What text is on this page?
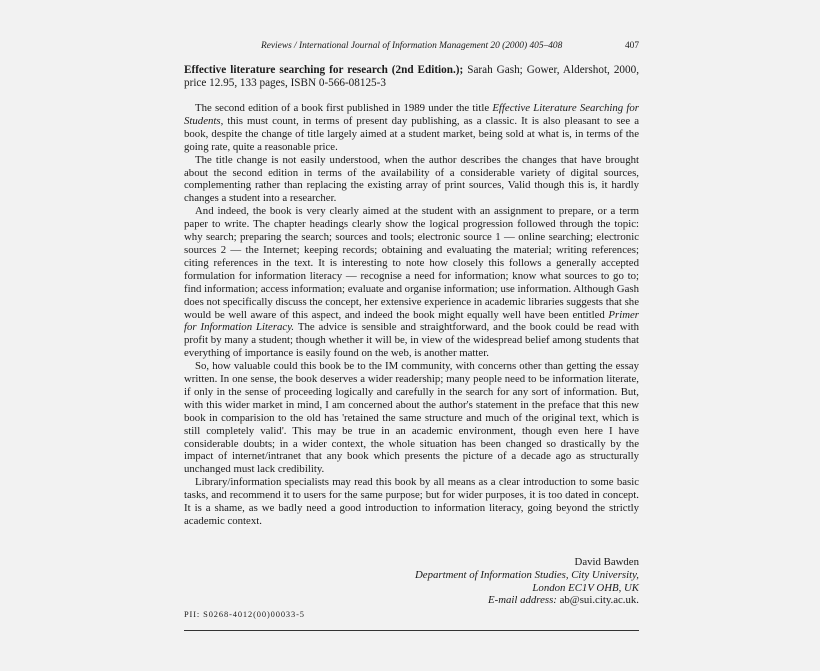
Reviews / International Journal of Information Management 20 (2000) 405–408	407

Effective literature searching for research (2nd Edition.); Sarah Gash; Gower, Aldershot, 2000, price 12.95, 133 pages, ISBN 0-566-08125-3

The second edition of a book first published in 1989 under the title Effective Literature Searching for Students, this must count, in terms of present day publishing, as a classic. It is also pleasant to see a book, despite the change of title largely aimed at a student market, being sold at what is, in terms of the going rate, quite a reasonable price.

The title change is not easily understood, when the author describes the changes that have brought about the second edition in terms of the availability of a considerable variety of digital sources, complementing rather than replacing the existing array of print sources, Valid though this is, it hardly changes a student into a researcher.

And indeed, the book is very clearly aimed at the student with an assignment to prepare, or a term paper to write. The chapter headings clearly show the logical progression followed through the topic: why search; preparing the search; sources and tools; electronic source 1 — online searching; electronic sources 2 — the Internet; keeping records; obtaining and evaluating the material; writing references; citing references in the text. It is interesting to note how closely this follows a generally accepted formulation for information literacy — recognise a need for information; know what sources to go to; find information; access information; evaluate and organise information; use information. Although Gash does not specifically discuss the concept, her extensive experience in academic libraries suggests that she would be well aware of this aspect, and indeed the book might equally well have been entitled Primer for Information Literacy. The advice is sensible and straightforward, and the book could be read with profit by many a student; though whether it will be, in view of the widespread belief among students that everything of importance is easily found on the web, is another matter.

So, how valuable could this book be to the IM community, with concerns other than getting the essay written. In one sense, the book deserves a wider readership; many people need to be information literate, if only in the sense of proceeding logically and carefully in the search for any sort of information. But, with this wider market in mind, I am concerned about the author's statement in the preface that this new book in comparision to the old has 'retained the same structure and much of the original text, which is still completely valid'. This may be true in an academic environment, though even here I have considerable doubts; in a wider context, the whole situation has been changed so drastically by the impact of internet/intranet that any book which presents the picture of a decade ago as structurally unchanged must lack credibility.

Library/information specialists may read this book by all means as a clear introduction to some basic tasks, and recommend it to users for the same purpose; but for wider purposes, it is too dated in concept. It is a shame, as we badly need a good introduction to information literacy, going beyond the strictly academic context.

David Bawden
Department of Information Studies, City University,
London EC1V OHB, UK
E-mail address: ab@sui.city.ac.uk.
PII: S0268-4012(00)00033-5
